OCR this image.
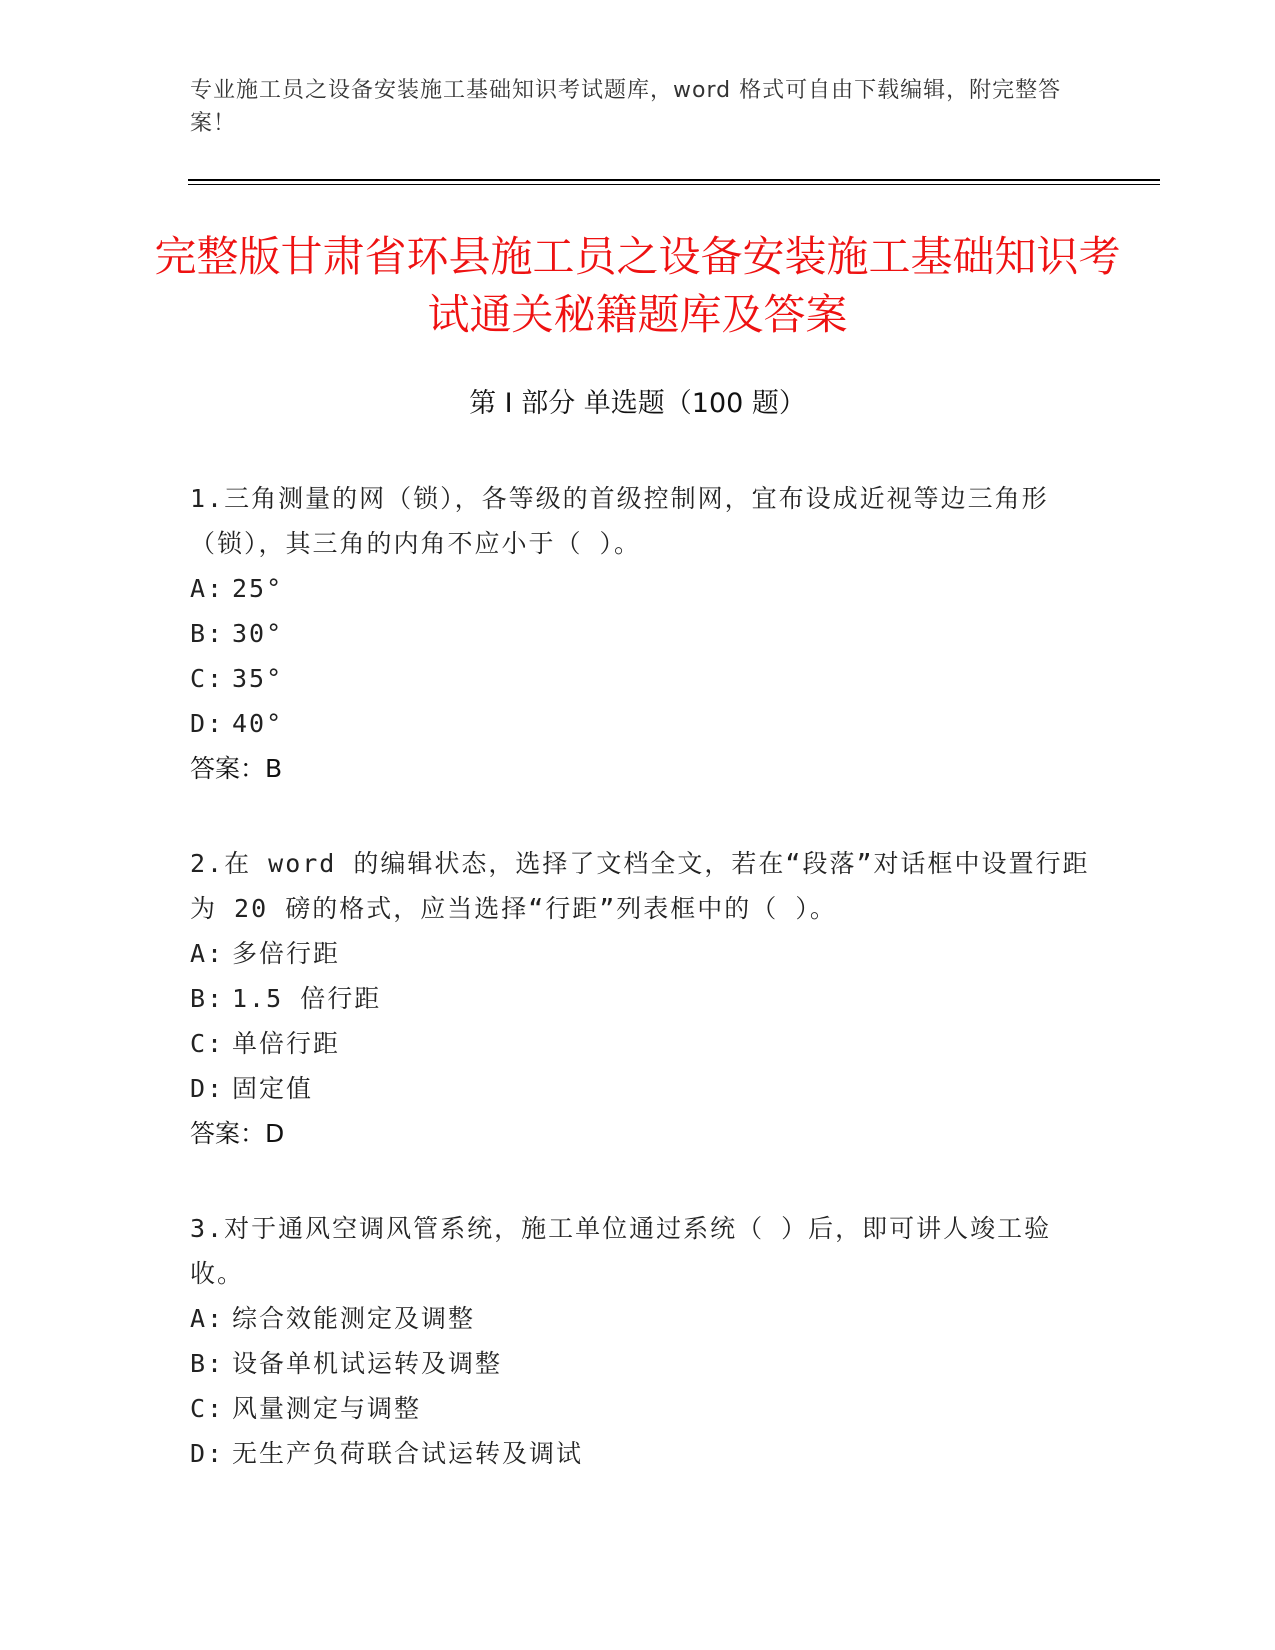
专业施工员之设备安装施工基础知识考试题库，word 格式可自由下载编辑，附完整答案！
完整版甘肃省环县施工员之设备安装施工基础知识考试通关秘籍题库及答案
第 I 部分 单选题（100 题）
1.三角测量的网（锁），各等级的首级控制网，宜布设成近视等边三角形（锁），其三角的内角不应小于（ ）。
A: 25°
B: 30°
C: 35°
D: 40°
答案：B
2.在 word 的编辑状态，选择了文档全文，若在“段落”对话框中设置行距为 20 磅的格式，应当选择“行距”列表框中的（ ）。
A: 多倍行距
B: 1.5 倍行距
C: 单倍行距
D: 固定值
答案：D
3.对于通风空调风管系统，施工单位通过系统（ ）后，即可讲人竣工验收。
A: 综合效能测定及调整
B: 设备单机试运转及调整
C: 风量测定与调整
D: 无生产负荷联合试运转及调试
